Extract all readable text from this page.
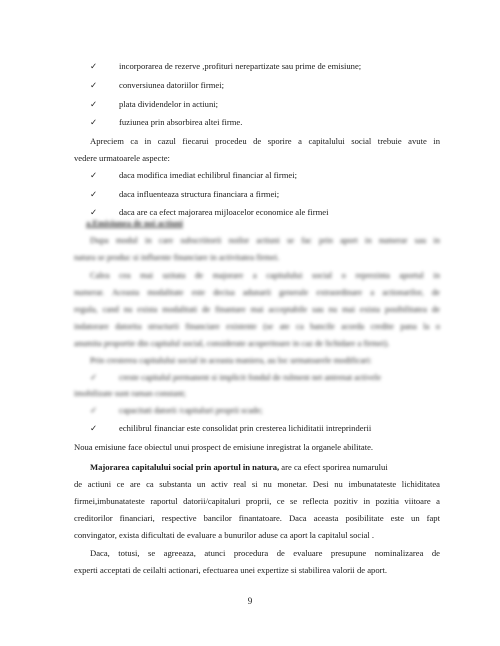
✓	incorporarea de rezerve ,profituri nerepartizate sau prime de emisiune;
✓	conversiunea datoriilor firmei;
✓	plata dividendelor in actiuni;
✓	fuziunea prin absorbirea altei firme.
Apreciem ca in cazul fiecarui procedeu de sporire a capitalului social trebuie avute in
vedere urmatoarele aspecte:
✓	daca modifica imediat echilibrul financiar al firmei;
✓	daca influenteaza structura financiara a firmei;
✓	daca are ca efect majorarea mijloacelor economice ale firmei
a.Emisiunea de noi actiuni
Dupa modul in care subscriitorii noilor actiuni se fac prin aport in numerar sau in
natura se produc si influente financiare in activitatea firmei.
Calea cea mai uzitata de majorare a capitalului social o reprezinta aportul in
numerar. Aceasta modalitate este decisa adunarii generale extraordinare a actionarilor, de
regula, cand nu exista modalitati de finantare mai acceptabile sau nu mai exista posibilitatea de
indatorare datorita structurii financiare existente (se ate ca bancile acorda credite pana la o
anumita proportie din capitalul social, considerate acoperitoare in caz de lichidare a firmei).
Prin cresterea capitalului social in aceasta maniera, au loc urmatoarele modificari:
✓	creste capitalul permanent si implicit fondul de rulment net antrenat activele
imobilizate sunt raman constant;
✓	capacitati datorii /capitaluri proprii scade;
✓	echilibrul financiar este consolidat prin cresterea lichiditatii intreprinderii
Noua emisiune face obiectul unui prospect de emisiune inregistrat la organele abilitate.
Majorarea capitalului social prin aportul in natura, are ca efect sporirea numarului
de actiuni ce are ca substanta un activ real si nu monetar. Desi nu imbunatateste lichiditatea
firmei,imbunatateste raportul datorii/capitaluri proprii, ce se reflecta pozitiv in pozitia viitoare a
creditorilor financiari, respective bancilor finantatoare. Daca aceasta posibilitate este un fapt
convingator, exista dificultati de evaluare a bunurilor aduse ca aport la capitalul social .
Daca, totusi, se agreeaza, atunci procedura de evaluare presupune nominalizarea de
experti acceptati de ceilalti actionari, efectuarea unei expertize si stabilirea valorii de aport.
9
